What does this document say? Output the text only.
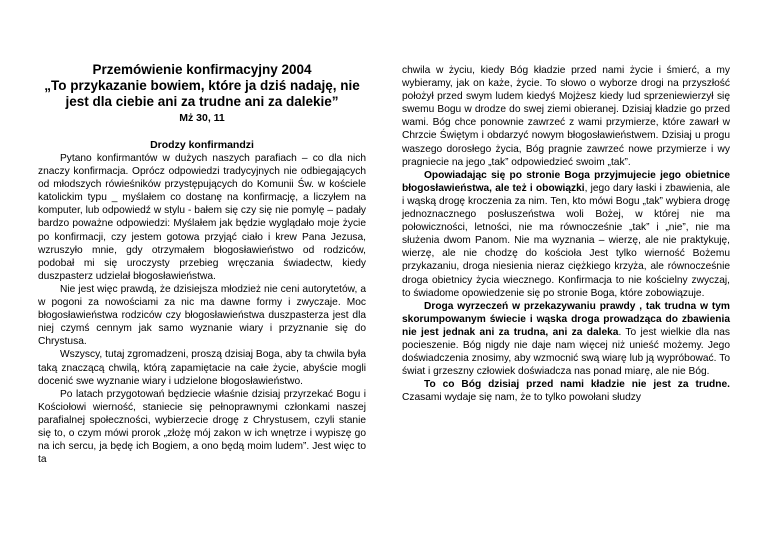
Przemówienie konfirmacyjny 2004
„To przykazanie bowiem, które ja dziś nadaję, nie
jest dla ciebie ani za trudne ani za dalekie”
Mż 30, 11
Drodzy konfirmandzi

Pytano konfirmantów w dużych naszych parafiach – co dla nich znaczy konfirmacja. Oprócz odpowiedzi tradycyjnych nie odbiegających od młodszych rówieśników przystępujących do Komunii Św. w kościele katolickim typu _ myślałem co dostanę na konfirmację, a liczyłem na komputer, lub odpowiedź w stylu - bałem się czy się nie pomylę – padały bardzo poważne odpowiedzi: Myślałem jak będzie wyglądało moje życie po konfirmacji, czy jestem gotowa przyjąć ciało i krew Pana Jezusa, wzruszyło mnie, gdy otrzymałem błogosławieństwo od rodziców, podobał mi się uroczysty przebieg wręczania świadectw, kiedy duszpasterz udzielał błogosławieństwa.

Nie jest więc prawdą, że dzisiejsza młodzież nie ceni autorytetów, a w pogoni za nowościami za nic ma dawne formy i zwyczaje. Moc błogosławieństwa rodziców czy błogosławieństwa duszpasterza jest dla niej czymś cennym jak samo wyznanie wiary i przyznanie się do Chrystusa.

Wszyscy, tutaj zgromadzeni, proszą dzisiaj Boga, aby ta chwila była taką znaczącą chwilą, którą zapamiętacie na całe życie, abyście mogli docenić swe wyznanie wiary i udzielone błogosławieństwo.

Po latach przygotowań będziecie właśnie dzisiaj przyrzekać Bogu i Kościołowi wierność, staniecie się pełnoprawnymi członkami naszej parafialnej społeczności, wybierzecie drogę z Chrystusem, czyli stanie się to, o czym mówi prorok „złożę mój zakon w ich wnętrze i wypiszę go na ich sercu, ja będę ich Bogiem, a ono będą moim ludem”. Jest więc to ta

chwila w życiu, kiedy Bóg kładzie przed nami życie i śmierć, a my wybieramy, jak on każe, życie. To słowo o wyborze drogi na przyszłość położył przed swym ludem kiedyś Mojżesz kiedy lud sprzeniewierzył się swemu Bogu w drodze do swej ziemi obieranej. Dzisiaj kładzie go przed wami. Bóg chce ponownie zawrzeć z wami przymierze, które zawarł w Chrzcie Świętym i obdarzyć nowym błogosławieństwem. Dzisiaj u progu waszego dorosłego życia, Bóg pragnie zawrzeć nowe przymierze i wy pragniecie na jego „tak” odpowiedzieć swoim „tak”.

Opowiadając się po stronie Boga przyjmujecie jego obietnice błogosławieństwa, ale też i obowiązki, jego dary łaski i zbawienia, ale i wąską drogę kroczenia za nim. Ten, kto mówi Bogu „tak” wybiera drogę jednoznacznego posłuszeństwa woli Bożej, w której nie ma połowiczności, letności, nie ma równocześnie „tak” i „nie”, nie ma służenia dwom Panom. Nie ma wyznania – wierzę, ale nie praktykuję, wierzę, ale nie chodzę do kościoła Jest tylko wierność Bożemu przykazaniu, droga niesienia nieraz ciężkiego krzyża, ale równocześnie droga obietnicy życia wiecznego. Konfirmacja to nie kościelny zwyczaj, to świadome opowiedzenie się po stronie Boga, które zobowiązuje.

Droga wyrzeczeń w przekazywaniu prawdy , tak trudna w tym skorumpowanym świecie i wąska droga prowadząca do zbawienia nie jest jednak ani za trudna, ani za daleka. To jest wielkie dla nas pocieszenie. Bóg nigdy nie daje nam więcej niż unieść możemy. Jego doświadczenia znosimy, aby wzmocnić swą wiarę lub ją wypróbować. To świat i grzeszny człowiek doświadcza nas ponad miarę, ale nie Bóg.

To co Bóg dzisiaj przed nami kładzie nie jest za trudne. Czasami wydaje się nam, że to tylko powołani słudzy
